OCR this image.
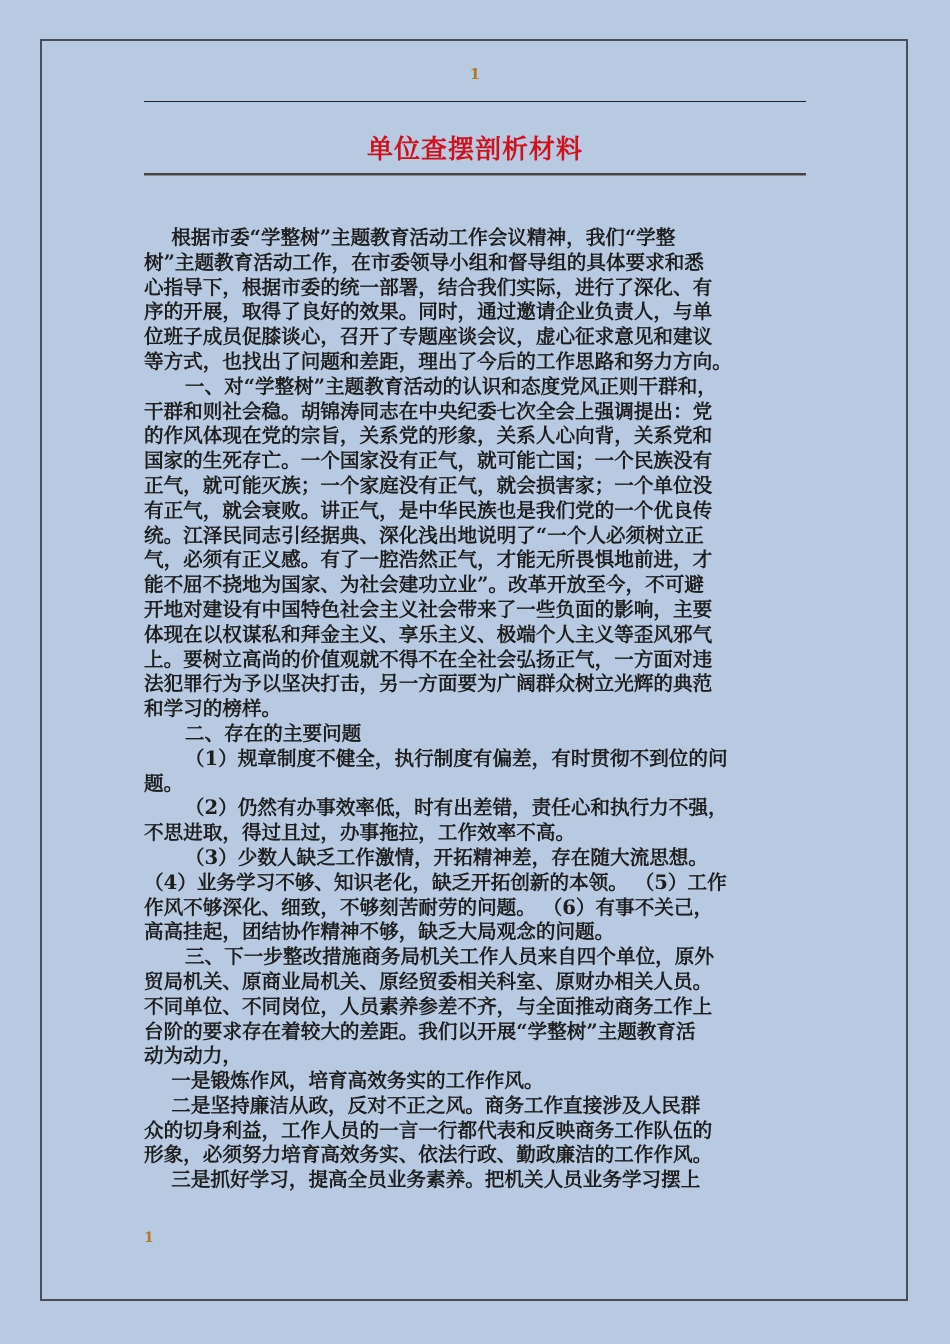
1
单位查摆剖析材料
根据市委“学整树”主题教育活动工作会议精神，我们“学整
树”主题教育活动工作，在市委领导小组和督导组的具体要求和悉
心指导下，根据市委的统一部署，结合我们实际，进行了深化、有
序的开展，取得了良好的效果。同时，通过邀请企业负责人，与单
位班子成员促膝谈心，召开了专题座谈会议，虚心征求意见和建议
等方式，也找出了问题和差距，理出了今后的工作思路和努力方向。
一、对“学整树”主题教育活动的认识和态度党风正则干群和，
干群和则社会稳。胡锦涛同志在中央纪委七次全会上强调提出：党
的作风体现在党的宗旨，关系党的形象，关系人心向背，关系党和
国家的生死存亡。一个国家没有正气，就可能亡国；一个民族没有
正气，就可能灭族；一个家庭没有正气，就会损害家；一个单位没
有正气，就会衰败。讲正气，是中华民族也是我们党的一个优良传
统。江泽民同志引经据典、深化浅出地说明了“一个人必须树立正
气，必须有正义感。有了一腔浩然正气，才能无所畏惧地前进，才
能不屈不挠地为国家、为社会建功立业”。改革开放至今，不可避
开地对建设有中国特色社会主义社会带来了一些负面的影响，主要
体现在以权谋私和拜金主义、享乐主义、极端个人主义等歪风邪气
上。要树立高尚的价值观就不得不在全社会弘扬正气，一方面对违
法犯罪行为予以坚决打击，另一方面要为广阔群众树立光辉的典范
和学习的榜样。
二、存在的主要问题
（1）规章制度不健全，执行制度有偏差，有时贯彻不到位的问
题。
（2）仍然有办事效率低，时有出差错，责任心和执行力不强，
不思进取，得过且过，办事拖拉，工作效率不高。
（3）少数人缺乏工作激情，开拓精神差，存在随大流思想。
（4）业务学习不够、知识老化，缺乏开拓创新的本领。 （5）工作
作风不够深化、细致，不够刻苦耐劳的问题。 （6）有事不关己，
高高挂起，团结协作精神不够，缺乏大局观念的问题。
三、下一步整改措施商务局机关工作人员来自四个单位，原外
贸局机关、原商业局机关、原经贸委相关科室、原财办相关人员。
不同单位、不同岗位，人员素养参差不齐，与全面推动商务工作上
台阶的要求存在着较大的差距。我们以开展“学整树”主题教育活
动为动力，
一是锻炼作风，培育高效务实的工作作风。
二是坚持廉洁从政，反对不正之风。商务工作直接涉及人民群
众的切身利益，工作人员的一言一行都代表和反映商务工作队伍的
形象，必须努力培育高效务实、依法行政、勤政廉洁的工作作风。
三是抓好学习，提高全员业务素养。把机关人员业务学习摆上
1
